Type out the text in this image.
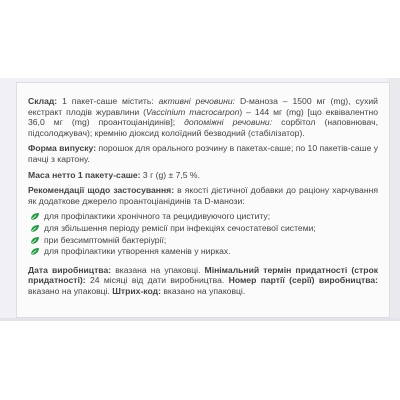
Склад: 1 пакет-саше містить: активні речовини: D-маноза – 1500 мг (mg), сухий екстракт плодів журавлини (Vaccinium macrocarpon) – 144 мг (mg) [що еквівалентно 36,0 мг (mg) проантоціанідинів]; допоміжні речовини: сорбітол (наповнювач, підсолоджувач); кремнію діоксид колоїдний безводний (стабілізатор).

Форма випуску: порошок для орального розчину в пакетах-саше; по 10 пакетів-саше у пачці з картону.

Маса нетто 1 пакету-саше: 3 г (g) ± 7,5 %.

Рекомендації щодо застосування: в якості дієтичної добавки до раціону харчування як додаткове джерело проантоціанідинів та D-манози:

для профілактики хронічного та рецидивуючого циститу;
для збільшення періоду ремісії при інфекціях сечостатевої системи;
при безсимптомній бактеріурії;
для профілактики утворення каменів у нирках.

Дата виробництва: вказана на упаковці. Мінімальний термін придатності (строк придатності): 24 місяці від дати виробництва. Номер партії (серії) виробництва: вказано на упаковці. Штрих-код: вказано на упаковці.
